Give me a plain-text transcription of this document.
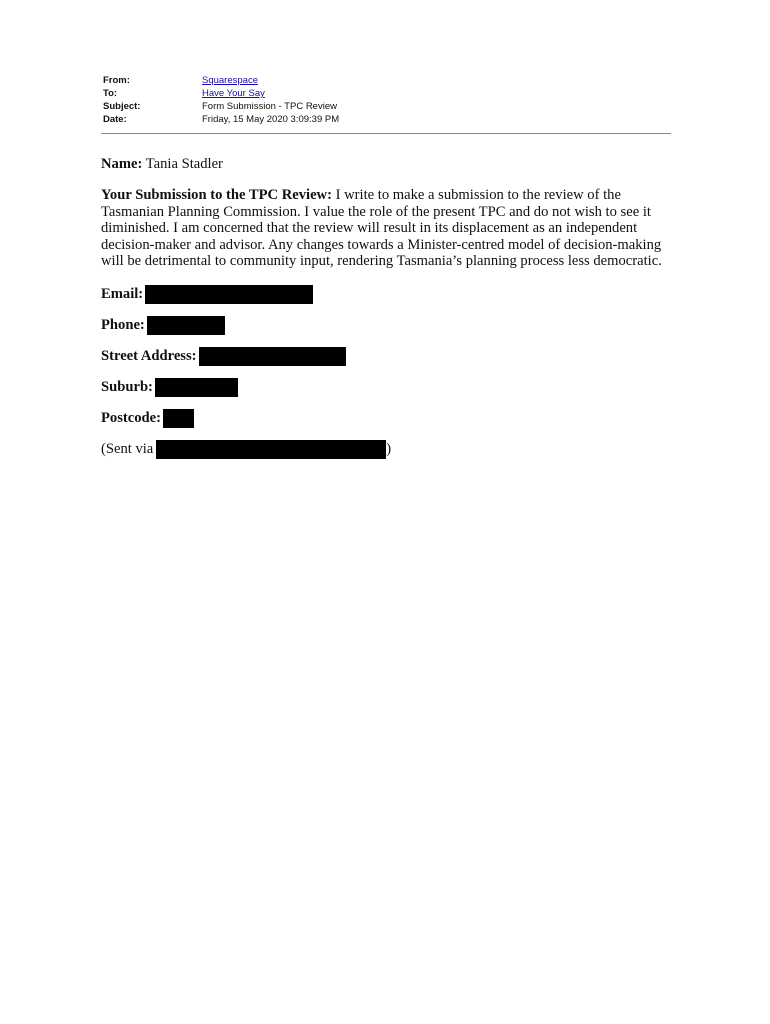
From:	Squarespace
To:	Have Your Say
Subject:	Form Submission - TPC Review
Date:	Friday, 15 May 2020 3:09:39 PM

Name: Tania Stadler

Your Submission to the TPC Review: I write to make a submission to the review of the Tasmanian Planning Commission. I value the role of the present TPC and do not wish to see it diminished. I am concerned that the review will result in its displacement as an independent decision-maker and advisor. Any changes towards a Minister-centred model of decision-making will be detrimental to community input, rendering Tasmania’s planning process less democratic.

Email:
Phone:
Street Address:
Suburb:
Postcode:
(Sent via	)
